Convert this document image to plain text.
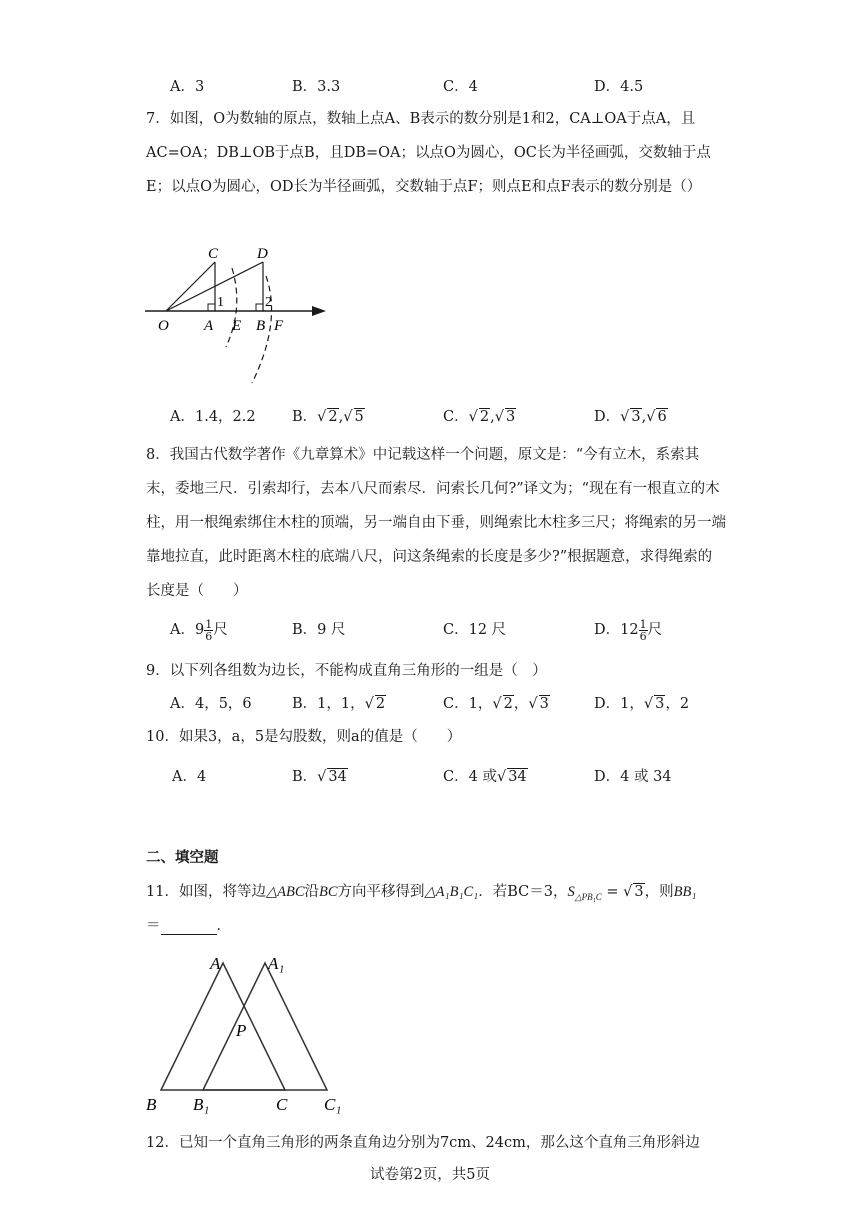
A．3	B．3.3	C．4	D．4.5
7．如图，O为数轴的原点，数轴上点A、B表示的数分别是1和2，CA⊥OA于点A，且AC=OA；DB⊥OB于点B，且DB=OA；以点O为圆心，OC长为半径画弧，交数轴于点E；以点O为圆心，OD长为半径画弧，交数轴于点F；则点E和点F表示的数分别是（）
C	D
1	2
O A E B F
A．1.4，2.2	B．√ 2,√ 5	C．√ 2,√ 3	D．√ 3,√ 6
8．我国古代数学著作《九章算术》中记载这样一个问题，原文是：“今有立木，系索其末，委地三尺．引索却行，去本八尺而索尽．问索长几何?”译文为；“现在有一根直立的木柱，用一根绳索绑住木柱的顶端，另一端自由下垂，则绳索比木柱多三尺；将绳索的另一端靠地拉直，此时距离木柱的底端八尺，问这条绳索的长度是多少?”根据题意，求得绳索的长度是（　　）
A．$9 \frac{1}{6}$ 尺	B．9 尺	C．12 尺	D．$12 \frac{1}{6}$ 尺
9．以下列各组数为边长，不能构成直角三角形的一组是（　）
A．4，5，6	B．1，1，√ 2	C．1，√ 2，√ 3	D．1，√ 3，2
10．如果3，a，5是勾股数，则a的值是（　　）
A．4	B．√ 34	C．4 或√ 34	D．4 或 34
二、填空题
11．如图，将等边△ABC沿BC方向平移得到△A₁B₁C₁．若BC＝3，$S_{\triangle PB_1C}$ = √ 3，则BB₁
＝	．
A	A₁
P
B B₁	C C₁
12．已知一个直角三角形的两条直角边分别为7cm、24cm，那么这个直角三角形斜边
试卷第2页，共5页
